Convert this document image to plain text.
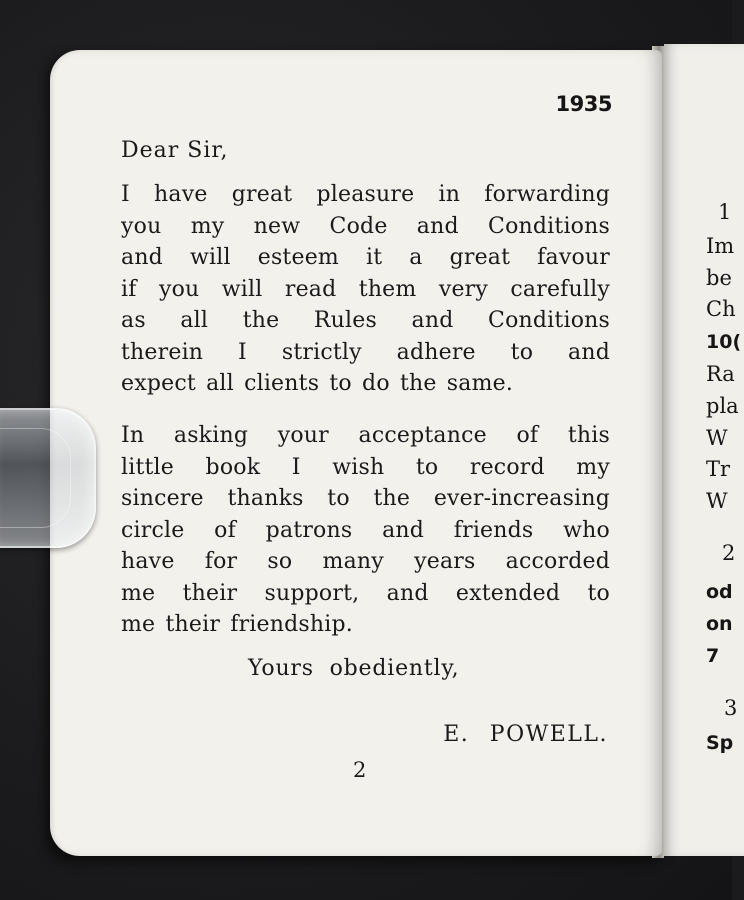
1
Im
be
Ch
10(
Ra
pla
W
Tr
W
2
od
on
7
3
Sp
1935
Dear Sir,

I have great pleasure in forwarding
you my new Code and Conditions
and will esteem it a great favour
if you will read them very carefully
as all the Rules and Conditions
therein I strictly adhere to and
expect all clients to do the same.

In asking your acceptance of this
little book I wish to record my
sincere thanks to the ever-increasing
circle of patrons and friends who
have for so many years accorded
me their support, and extended to
me their friendship.

Yours obediently,
E. POWELL.
2
